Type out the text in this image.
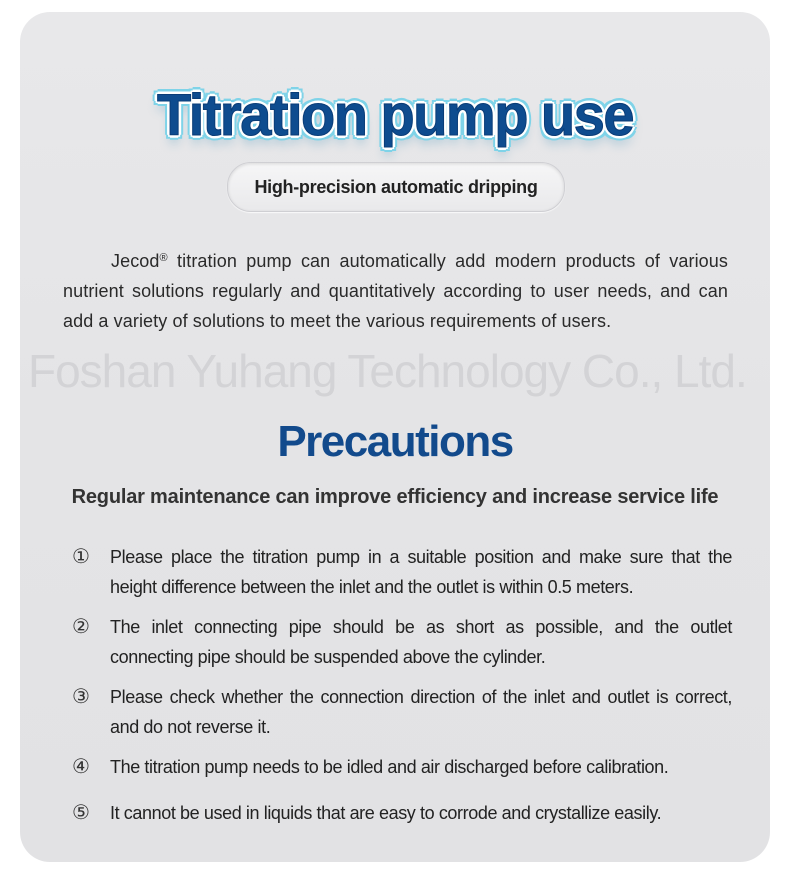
Titration pump use
High-precision automatic dripping

Jecod® titration pump can automatically add modern products of various nutrient solutions regularly and quantitatively according to user needs, and can add a variety of solutions to meet the various requirements of users.

Foshan Yuhang Technology Co., Ltd.
Precautions
Regular maintenance can improve efficiency and increase service life
①	Please place the titration pump in a suitable position and make sure that the height difference between the inlet and the outlet is within 0.5 meters.
②	The inlet connecting pipe should be as short as possible, and the outlet connecting pipe should be suspended above the cylinder.
③	Please check whether the connection direction of the inlet and outlet is correct, and do not reverse it.
④	The titration pump needs to be idled and air discharged before calibration.
⑤	It cannot be used in liquids that are easy to corrode and crystallize easily.
